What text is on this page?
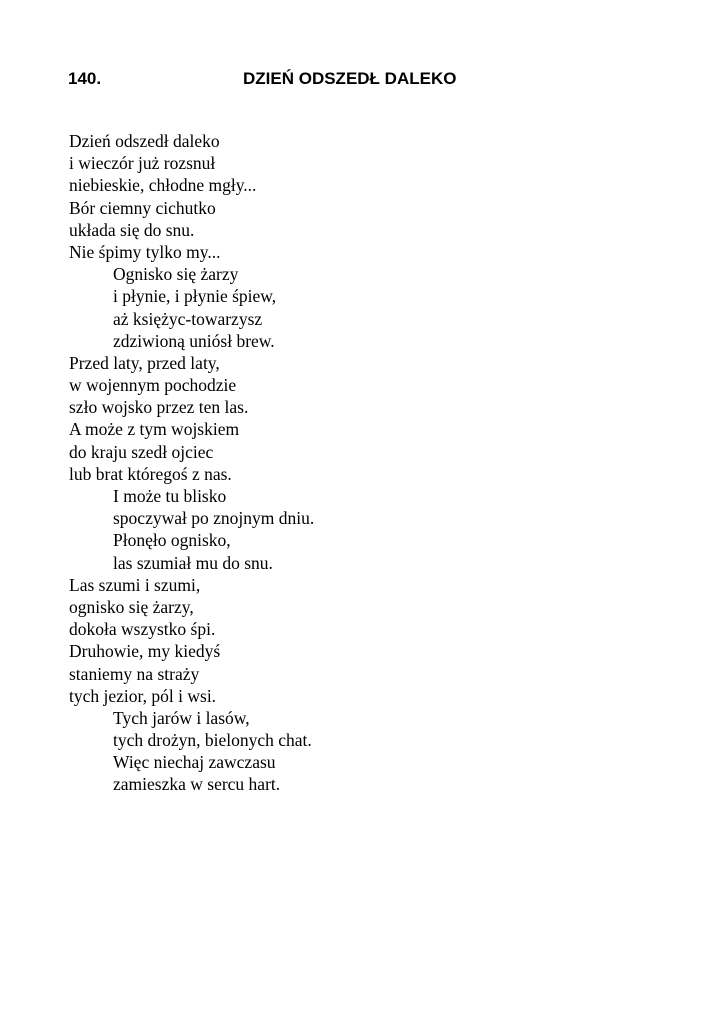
140.	DZIEŃ ODSZEDŁ DALEKO
Dzień odszedł daleko
i wieczór już rozsnuł
niebieskie, chłodne mgły...
Bór ciemny cichutko
układa się do snu.
Nie śpimy tylko my...
Ognisko się żarzy
i płynie, i płynie śpiew,
aż księżyc-towarzysz
zdziwioną uniósł brew.
Przed laty, przed laty,
w wojennym pochodzie
szło wojsko przez ten las.
A może z tym wojskiem
do kraju szedł ojciec
lub brat któregoś z nas.
I może tu blisko
spoczywał po znojnym dniu.
Płonęło ognisko,
las szumiał mu do snu.
Las szumi i szumi,
ognisko się żarzy,
dokoła wszystko śpi.
Druhowie, my kiedyś
staniemy na straży
tych jezior, pól i wsi.
Tych jarów i lasów,
tych drożyn, bielonych chat.
Więc niechaj zawczasu
zamieszka w sercu hart.
